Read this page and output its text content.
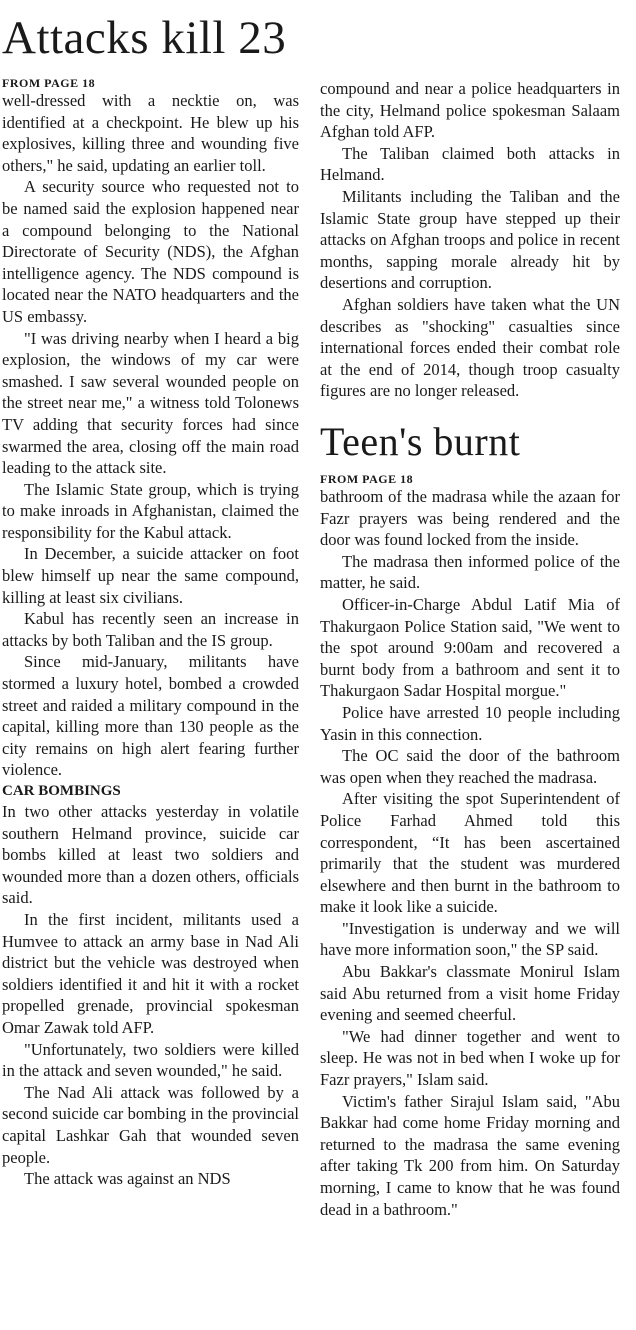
Attacks kill 23
FROM PAGE 18

well-dressed with a necktie on, was identified at a checkpoint. He blew up his explosives, killing three and wounding five others," he said, updating an earlier toll.

A security source who requested not to be named said the explosion happened near a compound belonging to the National Directorate of Security (NDS), the Afghan intelligence agency. The NDS compound is located near the NATO headquarters and the US embassy.

"I was driving nearby when I heard a big explosion, the windows of my car were smashed. I saw several wounded people on the street near me," a witness told Tolonews TV adding that security forces had since swarmed the area, closing off the main road leading to the attack site.

The Islamic State group, which is trying to make inroads in Afghanistan, claimed the responsibility for the Kabul attack.

In December, a suicide attacker on foot blew himself up near the same compound, killing at least six civilians.

Kabul has recently seen an increase in attacks by both Taliban and the IS group.

Since mid-January, militants have stormed a luxury hotel, bombed a crowded street and raided a military compound in the capital, killing more than 130 people as the city remains on high alert fearing further violence.

CAR BOMBINGS

In two other attacks yesterday in volatile southern Helmand province, suicide car bombs killed at least two soldiers and wounded more than a dozen others, officials said.

In the first incident, militants used a Humvee to attack an army base in Nad Ali district but the vehicle was destroyed when soldiers identified it and hit it with a rocket propelled grenade, provincial spokesman Omar Zawak told AFP.

"Unfortunately, two soldiers were killed in the attack and seven wounded," he said.

The Nad Ali attack was followed by a second suicide car bombing in the provincial capital Lashkar Gah that wounded seven people.

The attack was against an NDS

compound and near a police headquarters in the city, Helmand police spokesman Salaam Afghan told AFP.

The Taliban claimed both attacks in Helmand.

Militants including the Taliban and the Islamic State group have stepped up their attacks on Afghan troops and police in recent months, sapping morale already hit by desertions and corruption.

Afghan soldiers have taken what the UN describes as "shocking" casualties since international forces ended their combat role at the end of 2014, though troop casualty figures are no longer released.

Teen's burnt
FROM PAGE 18

bathroom of the madrasa while the azaan for Fazr prayers was being rendered and the door was found locked from the inside.

The madrasa then informed police of the matter, he said.

Officer-in-Charge Abdul Latif Mia of Thakurgaon Police Station said, "We went to the spot around 9:00am and recovered a burnt body from a bathroom and sent it to Thakurgaon Sadar Hospital morgue."

Police have arrested 10 people including Yasin in this connection.

The OC said the door of the bathroom was open when they reached the madrasa.

After visiting the spot Superintendent of Police Farhad Ahmed told this correspondent, “It has been ascertained primarily that the student was murdered elsewhere and then burnt in the bathroom to make it look like a suicide.

"Investigation is underway and we will have more information soon," the SP said.

Abu Bakkar's classmate Monirul Islam said Abu returned from a visit home Friday evening and seemed cheerful.

"We had dinner together and went to sleep. He was not in bed when I woke up for Fazr prayers," Islam said.

Victim's father Sirajul Islam said, "Abu Bakkar had come home Friday morning and returned to the madrasa the same evening after taking Tk 200 from him. On Saturday morning, I came to know that he was found dead in a bathroom."
